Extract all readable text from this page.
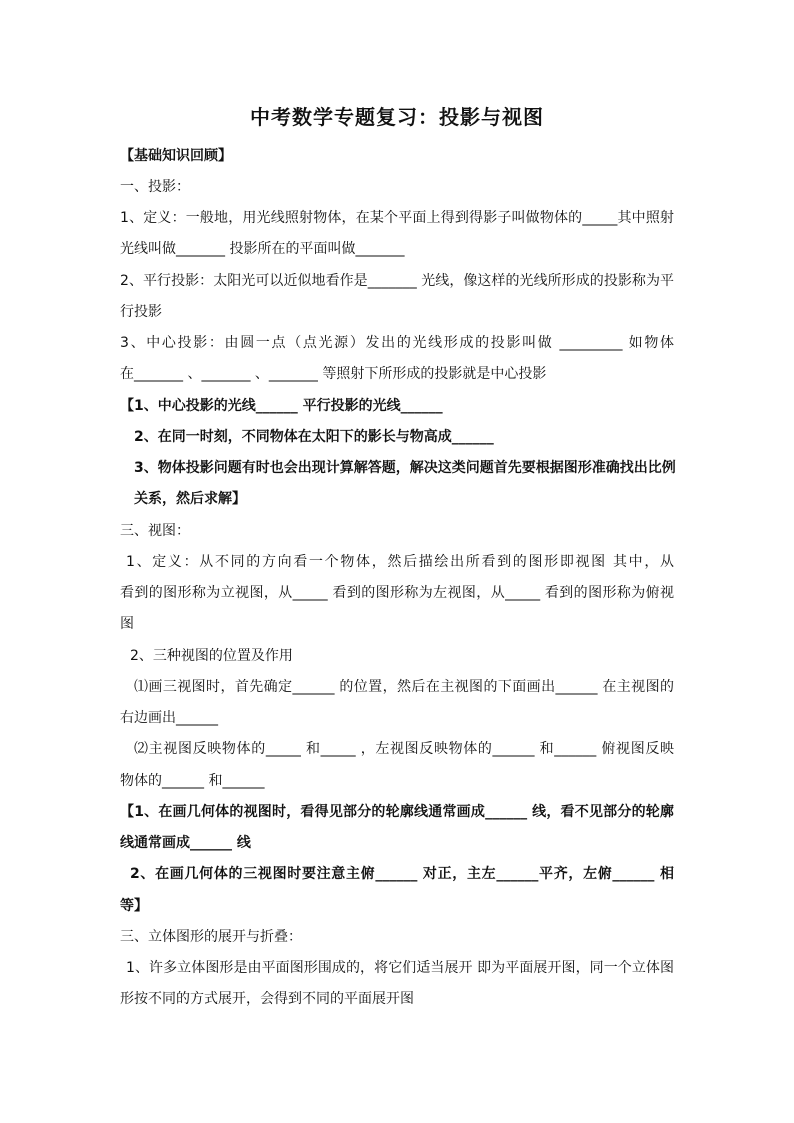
中考数学专题复习：投影与视图
【基础知识回顾】
一、投影：
1、定义：一般地，用光线照射物体，在某个平面上得到得影子叫做物体的_____其中照射
光线叫做_______ 投影所在的平面叫做_______
2、平行投影：太阳光可以近似地看作是_______ 光线，像这样的光线所形成的投影称为平
行投影
3、中心投影：由圆一点（点光源）发出的光线形成的投影叫做 _________ 如物体
在_______ 、_______ 、_______ 等照射下所形成的投影就是中心投影
【1、中心投影的光线______ 平行投影的光线______
2、在同一时刻，不同物体在太阳下的影长与物高成______
3、物体投影问题有时也会出现计算解答题，解决这类问题首先要根据图形准确找出比例
关系，然后求解】
三、视图：
1、定义：从不同的方向看一个物体，然后描绘出所看到的图形即视图 其中，从
看到的图形称为立视图，从_____ 看到的图形称为左视图，从_____ 看到的图形称为俯视
图
2、三种视图的位置及作用
⑴画三视图时，首先确定______ 的位置，然后在主视图的下面画出______ 在主视图的
右边画出______
⑵主视图反映物体的_____ 和_____ ，左视图反映物体的______ 和______ 俯视图反映
物体的______ 和______
【1、在画几何体的视图时，看得见部分的轮廓线通常画成______ 线，看不见部分的轮廓
线通常画成______ 线
2、在画几何体的三视图时要注意主俯______ 对正，主左______平齐，左俯______ 相
等】
三、立体图形的展开与折叠：
1、许多立体图形是由平面图形围成的，将它们适当展开 即为平面展开图，同一个立体图
形按不同的方式展开，会得到不同的平面展开图
